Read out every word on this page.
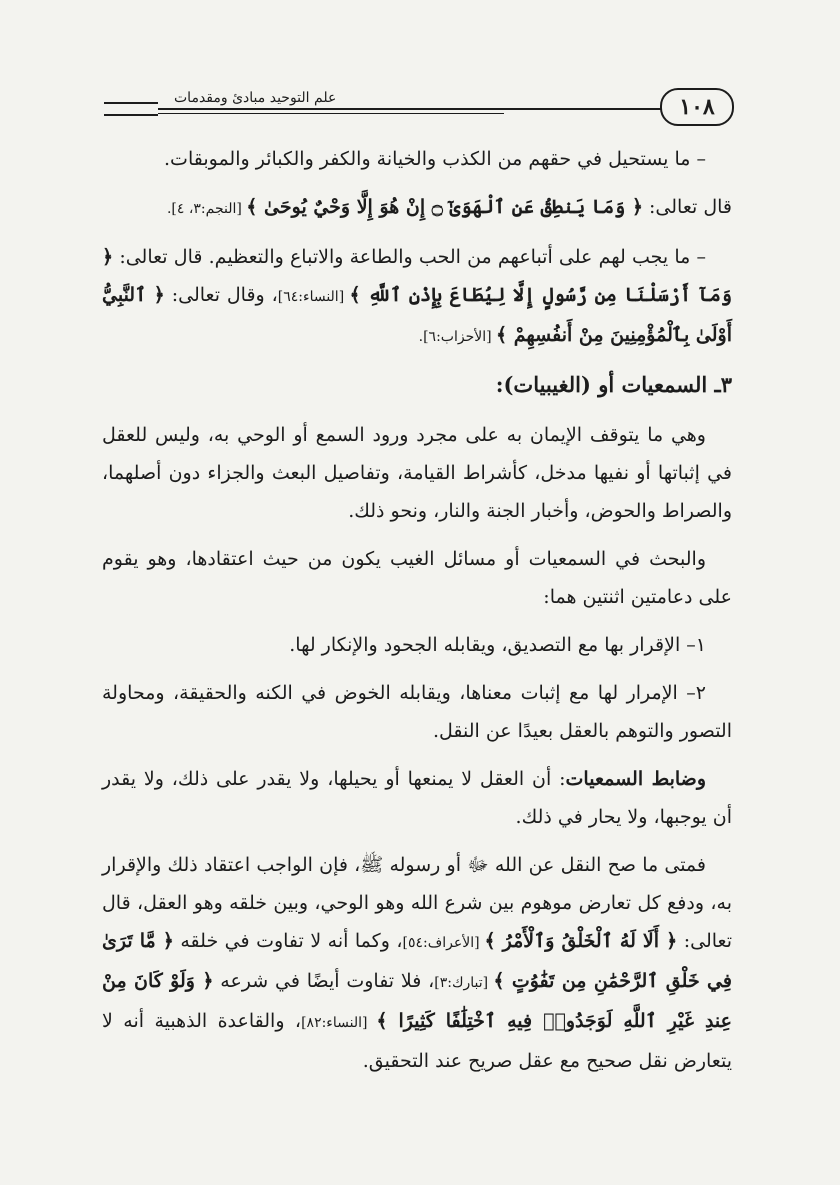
١٠٨
علم التوحيد مبادئ ومقدمات

– ما يستحيل في حقهم من الكذب والخيانة والكفر والكبائر والموبقات.

قال تعالى: ﴿ وَمَا يَنطِقُ عَنِ ٱلْهَوَىٰٓ ۝ إِنْ هُوَ إِلَّا وَحْيٌ يُوحَىٰ ﴾ [النجم:٣، ٤].

– ما يجب لهم على أتباعهم من الحب والطاعة والاتباع والتعظيم. قال تعالى: ﴿ وَمَآ أَرْسَلْنَا مِن رَّسُولٍ إِلَّا لِيُطَاعَ بِإِذْنِ ٱللَّهِ ﴾ [النساء:٦٤]، وقال تعالى: ﴿ ٱلنَّبِيُّ أَوْلَىٰ بِٱلْمُؤْمِنِينَ مِنْ أَنفُسِهِمْ ﴾ [الأحزاب:٦].

٣ـ السمعيات أو (الغيبيات):

وهي ما يتوقف الإيمان به على مجرد ورود السمع أو الوحي به، وليس للعقل في إثباتها أو نفيها مدخل، كأشراط القيامة، وتفاصيل البعث والجزاء دون أصلهما، والصراط والحوض، وأخبار الجنة والنار، ونحو ذلك.

والبحث في السمعيات أو مسائل الغيب يكون من حيث اعتقادها، وهو يقوم على دعامتين اثنتين هما:

١– الإقرار بها مع التصديق، ويقابله الجحود والإنكار لها.

٢– الإمرار لها مع إثبات معناها، ويقابله الخوض في الكنه والحقيقة، ومحاولة التصور والتوهم بالعقل بعيدًا عن النقل.

وضابط السمعيات: أن العقل لا يمنعها أو يحيلها، ولا يقدر على ذلك، ولا يقدر أن يوجبها، ولا يحار في ذلك.

فمتى ما صح النقل عن الله ﷻ أو رسوله ﷺ، فإن الواجب اعتقاد ذلك والإقرار به، ودفع كل تعارض موهوم بين شرع الله وهو الوحي، وبين خلقه وهو العقل، قال تعالى: ﴿ أَلَا لَهُ ٱلْخَلْقُ وَٱلْأَمْرُ ﴾ [الأعراف:٥٤]، وكما أنه لا تفاوت في خلقه ﴿ مَّا تَرَىٰ فِي خَلْقِ ٱلرَّحْمَٰنِ مِن تَفَٰوُتٍ ﴾ [تبارك:٣]، فلا تفاوت أيضًا في شرعه ﴿ وَلَوْ كَانَ مِنْ عِندِ غَيْرِ ٱللَّهِ لَوَجَدُوا۟ فِيهِ ٱخْتِلَٰفًا كَثِيرًا ﴾ [النساء:٨٢]، والقاعدة الذهبية أنه لا يتعارض نقل صحيح مع عقل صريح عند التحقيق.
